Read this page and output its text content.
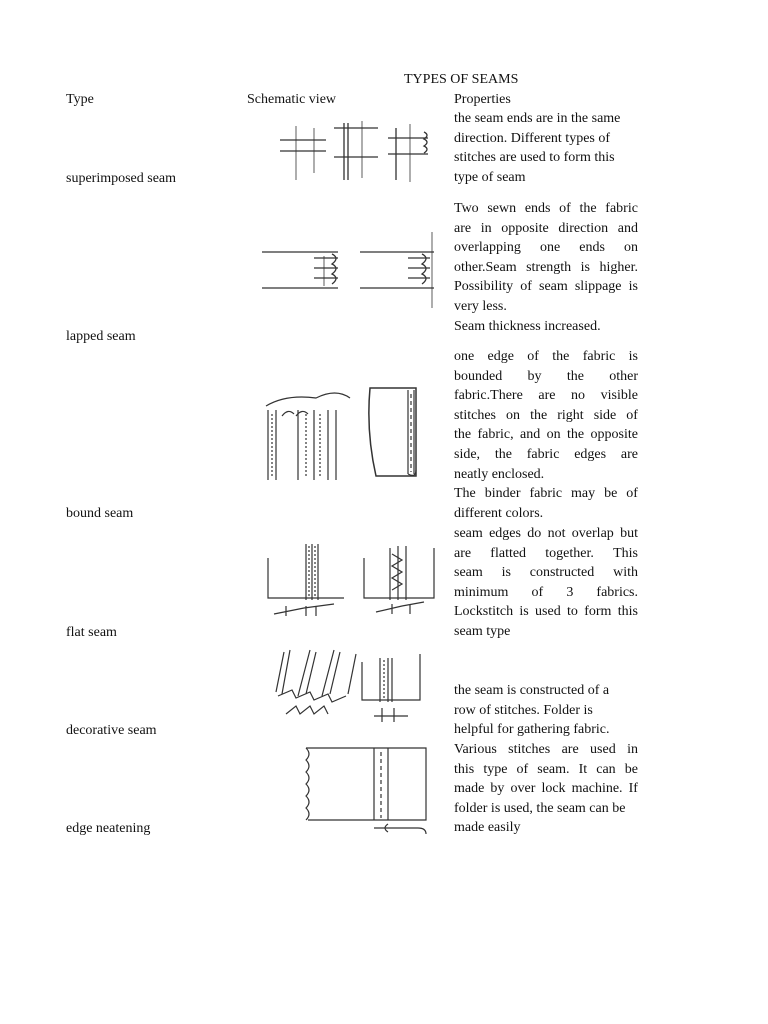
TYPES OF SEAMS
Type	Schematic view	Properties
superimposed seam
lapped seam
bound seam
flat seam
decorative seam
edge neatening
the seam ends are in the same
direction. Different types of
stitches are used to form this
type of seam
Two sewn ends of the fabric
are in opposite direction and
overlapping one ends on
other.Seam strength is higher.
Possibility of seam slippage is
very less.
Seam thickness increased.
one edge of the fabric is
bounded by the other
fabric.There are no visible
stitches on the right side of
the fabric, and on the opposite
side, the fabric edges are
neatly enclosed.
The binder fabric may be of
different colors.
seam edges do not overlap but
are flatted together. This
seam is constructed with
minimum of 3 fabrics.
Lockstitch is used to form this
seam type
the seam is constructed of a
row of stitches. Folder is
helpful for gathering fabric.
Various stitches are used in
this type of seam. It can be
made by over lock machine. If
folder is used, the seam can be
made easily
